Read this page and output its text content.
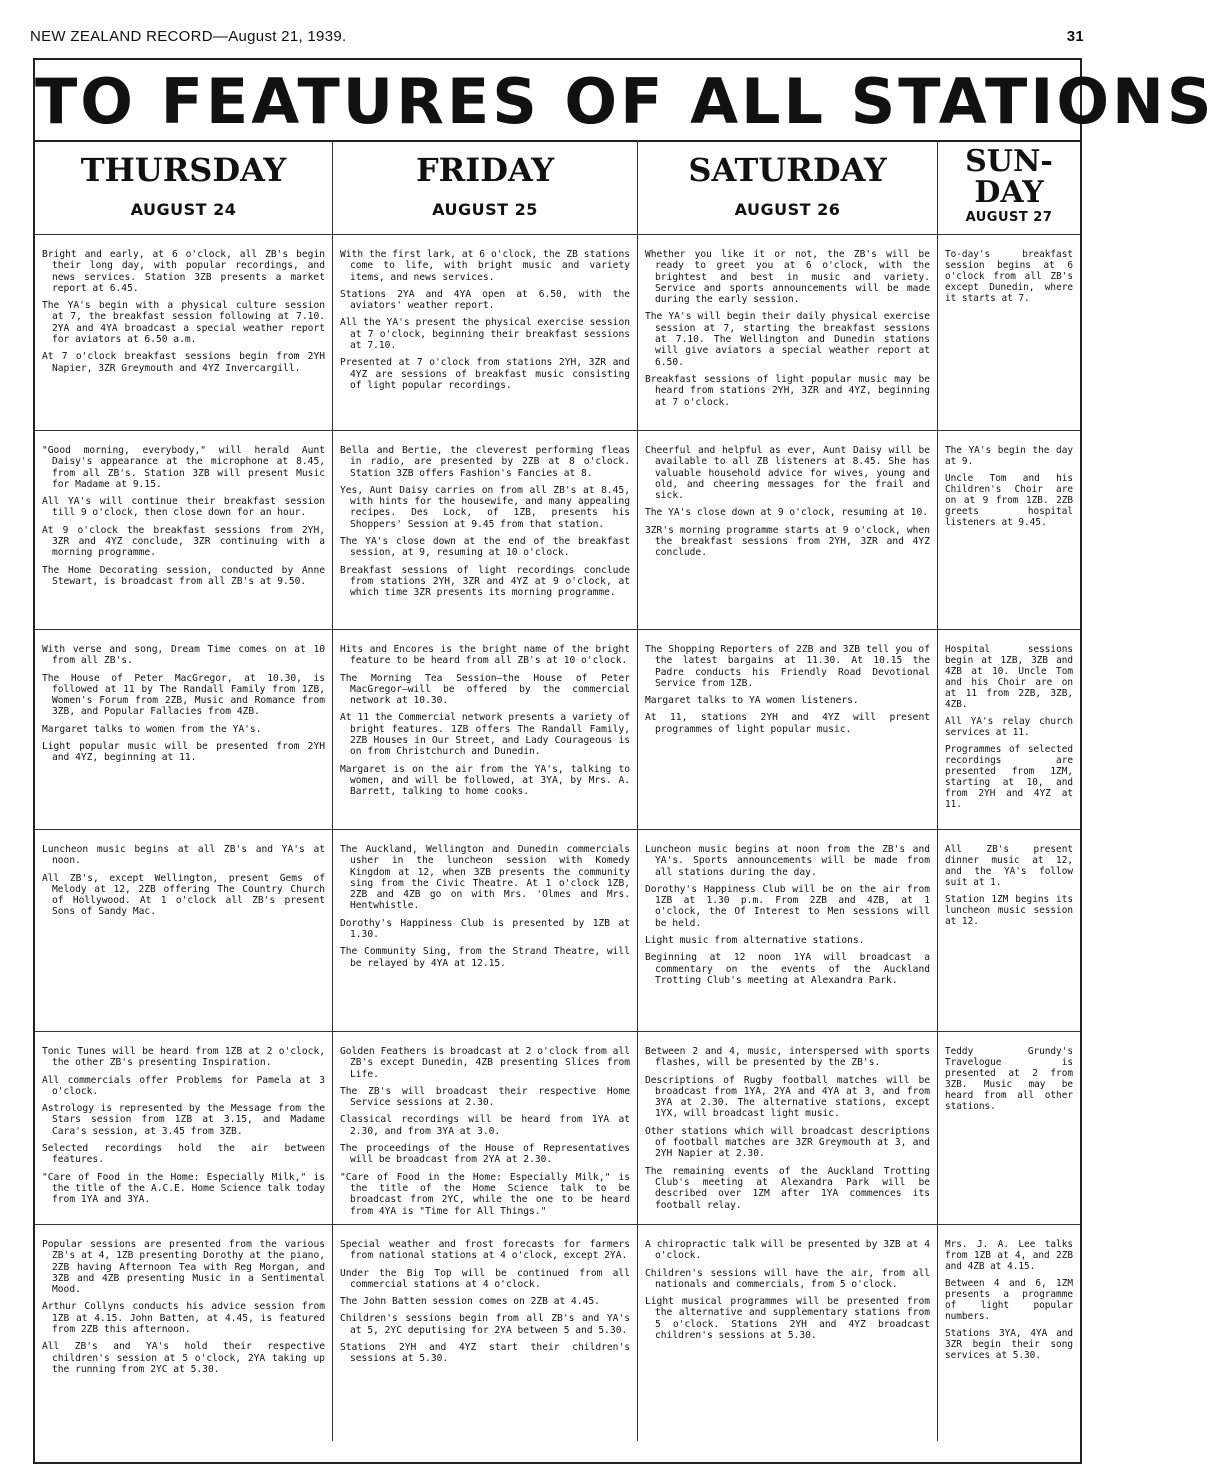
NEW ZEALAND RECORD—August 21, 1939.	31
TO FEATURES OF ALL STATIONS
THURSDAY
AUGUST 24
FRIDAY
AUGUST 25
SATURDAY
AUGUST 26
SUN-DAY
AUGUST 27

Bright and early, at 6 o'clock, all ZB's begin their long day, with popular recordings, and news services. Station 3ZB presents a market report at 6.45.

The YA's begin with a physical culture session at 7, the breakfast session following at 7.10. 2YA and 4YA broadcast a special weather report for aviators at 6.50 a.m.

At 7 o'clock breakfast sessions begin from 2YH Napier, 3ZR Greymouth and 4YZ Invercargill.

With the first lark, at 6 o'clock, the ZB stations come to life, with bright music and variety items, and news services.

Stations 2YA and 4YA open at 6.50, with the aviators' weather report.

All the YA's present the physical exercise session at 7 o'clock, beginning their breakfast sessions at 7.10.

Presented at 7 o'clock from stations 2YH, 3ZR and 4YZ are sessions of breakfast music consisting of light popular recordings.

Whether you like it or not, the ZB's will be ready to greet you at 6 o'clock, with the brightest and best in music and variety. Service and sports announcements will be made during the early session.

The YA's will begin their daily physical exercise session at 7, starting the breakfast sessions at 7.10. The Wellington and Dunedin stations will give aviators a special weather report at 6.50.

Breakfast sessions of light popular music may be heard from stations 2YH, 3ZR and 4YZ, beginning at 7 o'clock.

To-day's breakfast session begins at 6 o'clock from all ZB's except Dunedin, where it starts at 7.

"Good morning, everybody," will herald Aunt Daisy's appearance at the microphone at 8.45, from all ZB's. Station 3ZB will present Music for Madame at 9.15.

All YA's will continue their breakfast session till 9 o'clock, then close down for an hour.

At 9 o'clock the breakfast sessions from 2YH, 3ZR and 4YZ conclude, 3ZR continuing with a morning programme.

The Home Decorating session, conducted by Anne Stewart, is broadcast from all ZB's at 9.50.

Bella and Bertie, the cleverest performing fleas in radio, are presented by 2ZB at 8 o'clock. Station 3ZB offers Fashion's Fancies at 8.

Yes, Aunt Daisy carries on from all ZB's at 8.45, with hints for the housewife, and many appealing recipes. Des Lock, of 1ZB, presents his Shoppers' Session at 9.45 from that station.

The YA's close down at the end of the breakfast session, at 9, resuming at 10 o'clock.

Breakfast sessions of light recordings conclude from stations 2YH, 3ZR and 4YZ at 9 o'clock, at which time 3ZR presents its morning programme.

Cheerful and helpful as ever, Aunt Daisy will be available to all ZB listeners at 8.45. She has valuable household advice for wives, young and old, and cheering messages for the frail and sick.

The YA's close down at 9 o'clock, resuming at 10.

3ZR's morning programme starts at 9 o'clock, when the breakfast sessions from 2YH, 3ZR and 4YZ conclude.

The YA's begin the day at 9.

Uncle Tom and his Children's Choir are on at 9 from 1ZB. 2ZB greets hospital listeners at 9.45.

With verse and song, Dream Time comes on at 10 from all ZB's.

The House of Peter MacGregor, at 10.30, is followed at 11 by The Randall Family from 1ZB, Women's Forum from 2ZB, Music and Romance from 3ZB, and Popular Fallacies from 4ZB.

Margaret talks to women from the YA's.

Light popular music will be presented from 2YH and 4YZ, beginning at 11.

Hits and Encores is the bright name of the bright feature to be heard from all ZB's at 10 o'clock.

The Morning Tea Session—the House of Peter MacGregor—will be offered by the commercial network at 10.30.

At 11 the Commercial network presents a variety of bright features. 1ZB offers The Randall Family, 2ZB Houses in Our Street, and Lady Courageous is on from Christchurch and Dunedin.

Margaret is on the air from the YA's, talking to women, and will be followed, at 3YA, by Mrs. A. Barrett, talking to home cooks.

The Shopping Reporters of 2ZB and 3ZB tell you of the latest bargains at 11.30. At 10.15 the Padre conducts his Friendly Road Devotional Service from 1ZB.

Margaret talks to YA women listeners.

At 11, stations 2YH and 4YZ will present programmes of light popular music.

Hospital sessions begin at 1ZB, 3ZB and 4ZB at 10. Uncle Tom and his Choir are on at 11 from 2ZB, 3ZB, 4ZB.

All YA's relay church services at 11.

Programmes of selected recordings are presented from 1ZM, starting at 10, and from 2YH and 4YZ at 11.

Luncheon music begins at all ZB's and YA's at noon.

All ZB's, except Wellington, present Gems of Melody at 12, 2ZB offering The Country Church of Hollywood. At 1 o'clock all ZB's present Sons of Sandy Mac.

The Auckland, Wellington and Dunedin commercials usher in the luncheon session with Komedy Kingdom at 12, when 3ZB presents the community sing from the Civic Theatre. At 1 o'clock 1ZB, 2ZB and 4ZB go on with Mrs. 'Olmes and Mrs. Hentwhistle.

Dorothy's Happiness Club is presented by 1ZB at 1.30.

The Community Sing, from the Strand Theatre, will be relayed by 4YA at 12.15.

Luncheon music begins at noon from the ZB's and YA's. Sports announcements will be made from all stations during the day.

Dorothy's Happiness Club will be on the air from 1ZB at 1.30 p.m. From 2ZB and 4ZB, at 1 o'clock, the Of Interest to Men sessions will be held.

Light music from alternative stations.

Beginning at 12 noon 1YA will broadcast a commentary on the events of the Auckland Trotting Club's meeting at Alexandra Park.

All ZB's present dinner music at 12, and the YA's follow suit at 1.

Station 1ZM begins its luncheon music session at 12.

Tonic Tunes will be heard from 1ZB at 2 o'clock, the other ZB's presenting Inspiration.

All commercials offer Problems for Pamela at 3 o'clock.

Astrology is represented by the Message from the Stars session from 1ZB at 3.15, and Madame Cara's session, at 3.45 from 3ZB.

Selected recordings hold the air between features.

"Care of Food in the Home: Especially Milk," is the title of the A.C.E. Home Science talk today from 1YA and 3YA.

Golden Feathers is broadcast at 2 o'clock from all ZB's except Dunedin, 4ZB presenting Slices from Life.

The ZB's will broadcast their respective Home Service sessions at 2.30.

Classical recordings will be heard from 1YA at 2.30, and from 3YA at 3.0.

The proceedings of the House of Representatives will be broadcast from 2YA at 2.30.

"Care of Food in the Home: Especially Milk," is the title of the Home Science talk to be broadcast from 2YC, while the one to be heard from 4YA is "Time for All Things."

Between 2 and 4, music, interspersed with sports flashes, will be presented by the ZB's.

Descriptions of Rugby football matches will be broadcast from 1YA, 2YA and 4YA at 3, and from 3YA at 2.30. The alternative stations, except 1YX, will broadcast light music.

Other stations which will broadcast descriptions of football matches are 3ZR Greymouth at 3, and 2YH Napier at 2.30.

The remaining events of the Auckland Trotting Club's meeting at Alexandra Park will be described over 1ZM after 1YA commences its football relay.

Teddy Grundy's Travelogue is presented at 2 from 3ZB. Music may be heard from all other stations.

Popular sessions are presented from the various ZB's at 4, 1ZB presenting Dorothy at the piano, 2ZB having Afternoon Tea with Reg Morgan, and 3ZB and 4ZB presenting Music in a Sentimental Mood.

Arthur Collyns conducts his advice session from 1ZB at 4.15. John Batten, at 4.45, is featured from 2ZB this afternoon.

All ZB's and YA's hold their respective children's session at 5 o'clock, 2YA taking up the running from 2YC at 5.30.

Special weather and frost forecasts for farmers from national stations at 4 o'clock, except 2YA.

Under the Big Top will be continued from all commercial stations at 4 o'clock.

The John Batten session comes on 2ZB at 4.45.

Children's sessions begin from all ZB's and YA's at 5, 2YC deputising for 2YA between 5 and 5.30.

Stations 2YH and 4YZ start their children's sessions at 5.30.

A chiropractic talk will be presented by 3ZB at 4 o'clock.

Children's sessions will have the air, from all nationals and commercials, from 5 o'clock.

Light musical programmes will be presented from the alternative and supplementary stations from 5 o'clock. Stations 2YH and 4YZ broadcast children's sessions at 5.30.

Mrs. J. A. Lee talks from 1ZB at 4, and 2ZB and 4ZB at 4.15.

Between 4 and 6, 1ZM presents a programme of light popular numbers.

Stations 3YA, 4YA and 3ZR begin their song services at 5.30.
